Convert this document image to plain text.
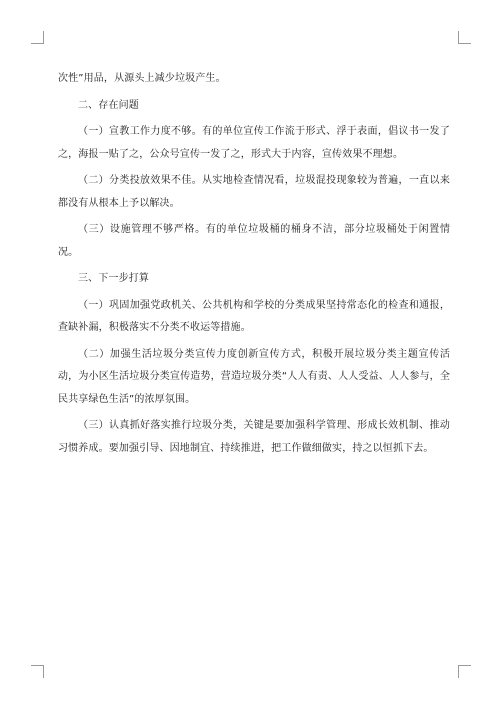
次性”用品，从源头上减少垃圾产生。

二、存在问题

（一）宣教工作力度不够。有的单位宣传工作流于形式、浮于表面，倡议书一发了之，海报一贴了之，公众号宣传一发了之，形式大于内容，宣传效果不理想。

（二）分类投放效果不佳。从实地检查情况看，垃圾混投现象较为普遍，一直以来都没有从根本上予以解决。

（三）设施管理不够严格。有的单位垃圾桶的桶身不洁，部分垃圾桶处于闲置情况。

三、下一步打算

（一）巩固加强党政机关、公共机构和学校的分类成果坚持常态化的检查和通报，查缺补漏，积极落实不分类不收运等措施。

（二）加强生活垃圾分类宣传力度创新宣传方式，积极开展垃圾分类主题宣传活动，为小区生活垃圾分类宣传造势，营造垃圾分类“人人有责、人人受益、人人参与，全民共享绿色生活”的浓厚氛围。

（三）认真抓好落实推行垃圾分类，关键是要加强科学管理、形成长效机制、推动习惯养成。要加强引导、因地制宜、持续推进，把工作做细做实，持之以恒抓下去。
